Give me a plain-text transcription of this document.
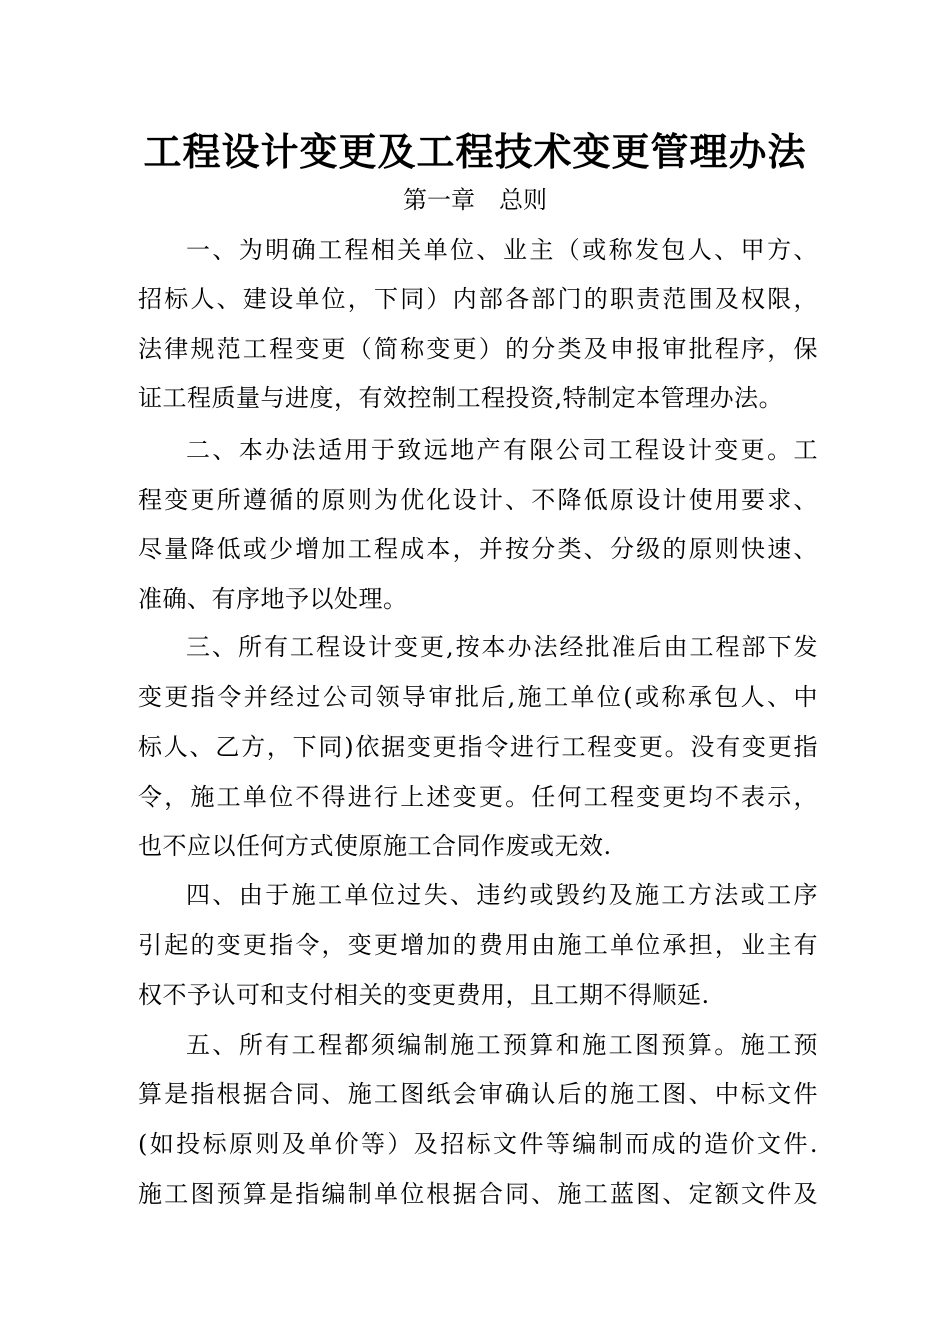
工程设计变更及工程技术变更管理办法
第一章　总则
一、为明确工程相关单位、业主（或称发包人、甲方、
招标人、建设单位，下同）内部各部门的职责范围及权限，
法律规范工程变更（简称变更）的分类及申报审批程序，保
证工程质量与进度，有效控制工程投资,特制定本管理办法。
二、本办法适用于致远地产有限公司工程设计变更。工
程变更所遵循的原则为优化设计、不降低原设计使用要求、
尽量降低或少增加工程成本，并按分类、分级的原则快速、
准确、有序地予以处理。
三、所有工程设计变更,按本办法经批准后由工程部下发
变更指令并经过公司领导审批后,施工单位(或称承包人、中
标人、乙方，下同)依据变更指令进行工程变更。没有变更指
令，施工单位不得进行上述变更。任何工程变更均不表示，
也不应以任何方式使原施工合同作废或无效.
四、由于施工单位过失、违约或毁约及施工方法或工序
引起的变更指令，变更增加的费用由施工单位承担，业主有
权不予认可和支付相关的变更费用，且工期不得顺延.
五、所有工程都须编制施工预算和施工图预算。施工预
算是指根据合同、施工图纸会审确认后的施工图、中标文件
(如投标原则及单价等）及招标文件等编制而成的造价文件.
施工图预算是指编制单位根据合同、施工蓝图、定额文件及
